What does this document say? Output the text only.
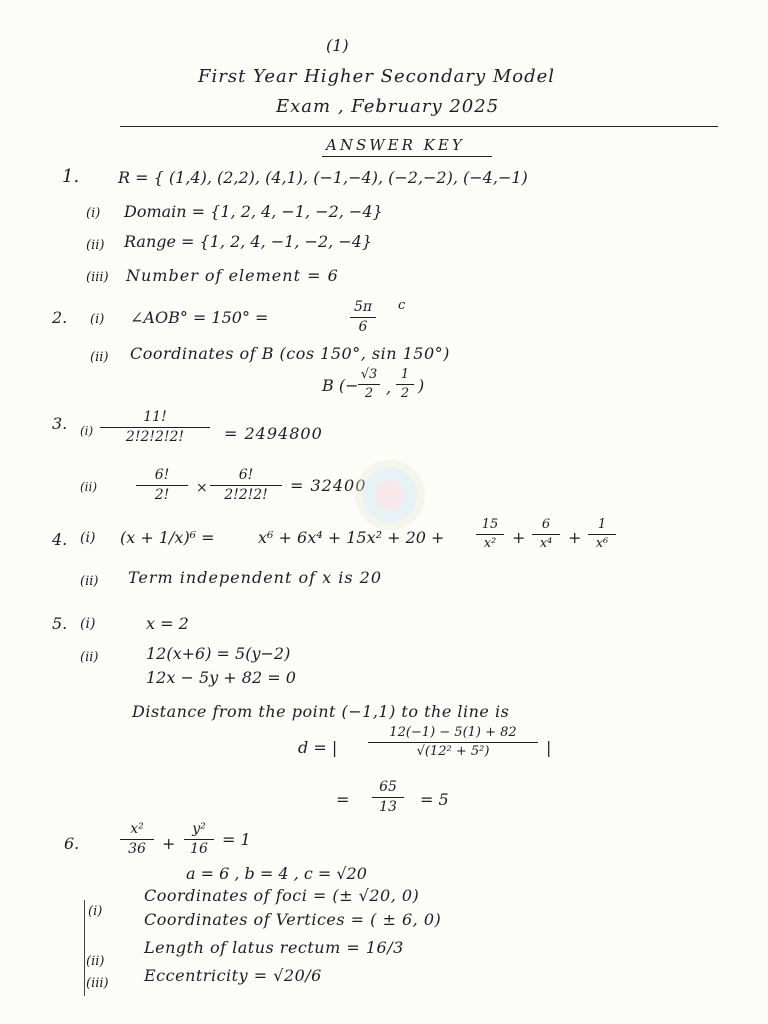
(1)
First Year Higher Secondary Model
Exam , February 2025
ANSWER KEY
1. R = { (1,4), (2,2), (4,1), (−1,−4), (−2,−2), (−4,−1)
(i) Domain = {1, 2, 4, −1, −2, −4}
(ii) Range = {1, 2, 4, −1, −2, −4}
(iii) Number of element = 6
2. (i) ∠AOB° = 150° =
5π
6
c
(ii) Coordinates of B (cos 150°, sin 150°)
B (−
√3
2 ,
1
2 )
3. (i)
11!
2!2!2!2!	= 2494800
(ii)
6!
2!	×
6!
2!2!2!
= 32400
4. (i) (x + 1/x)⁶ =	x⁶ + 6x⁴ + 15x² + 20 +
15
x² +
6
x⁴ +
1
x⁶
(ii) Term independent of x is 20
5. (i)	x = 2
(ii)	12(x+6) = 5(y−2)
12x − 5y + 82 = 0
Distance from the point (−1,1) to the line is
d = |
12(−1) − 5(1) + 82
√(12² + 5²)	|
=
65
13	= 5
6.
x²
36	+
y²
16
= 1
a = 6 , b = 4 , c = √20
(i)
Coordinates of foci = (± √20, 0)
Coordinates of Vertices = ( ± 6, 0)
(ii)
Length of latus rectum = 16/3
(iii) Eccentricity = √20/6
